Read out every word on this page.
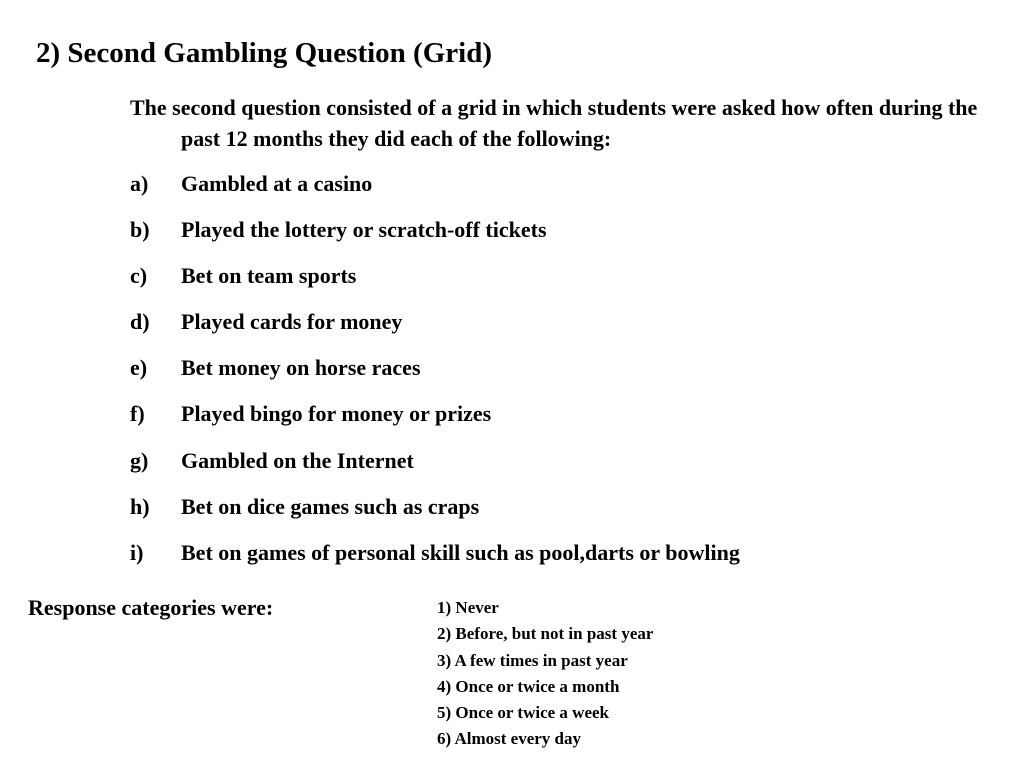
2) Second Gambling Question (Grid)
The second question consisted of a grid in which students were asked how often during the past 12 months they did each of the following:
a) Gambled at a casino
b) Played the lottery or scratch-off tickets
c) Bet on team sports
d) Played cards for money
e) Bet money on horse races
f) Played bingo for money or prizes
g) Gambled on the Internet
h) Bet on dice games such as craps
i) Bet on games of personal skill such as pool,darts or bowling
Response categories were:	1) Never
2) Before, but not in past year
3) A few times in past year
4) Once or twice a month
5) Once or twice a week
6) Almost every day
